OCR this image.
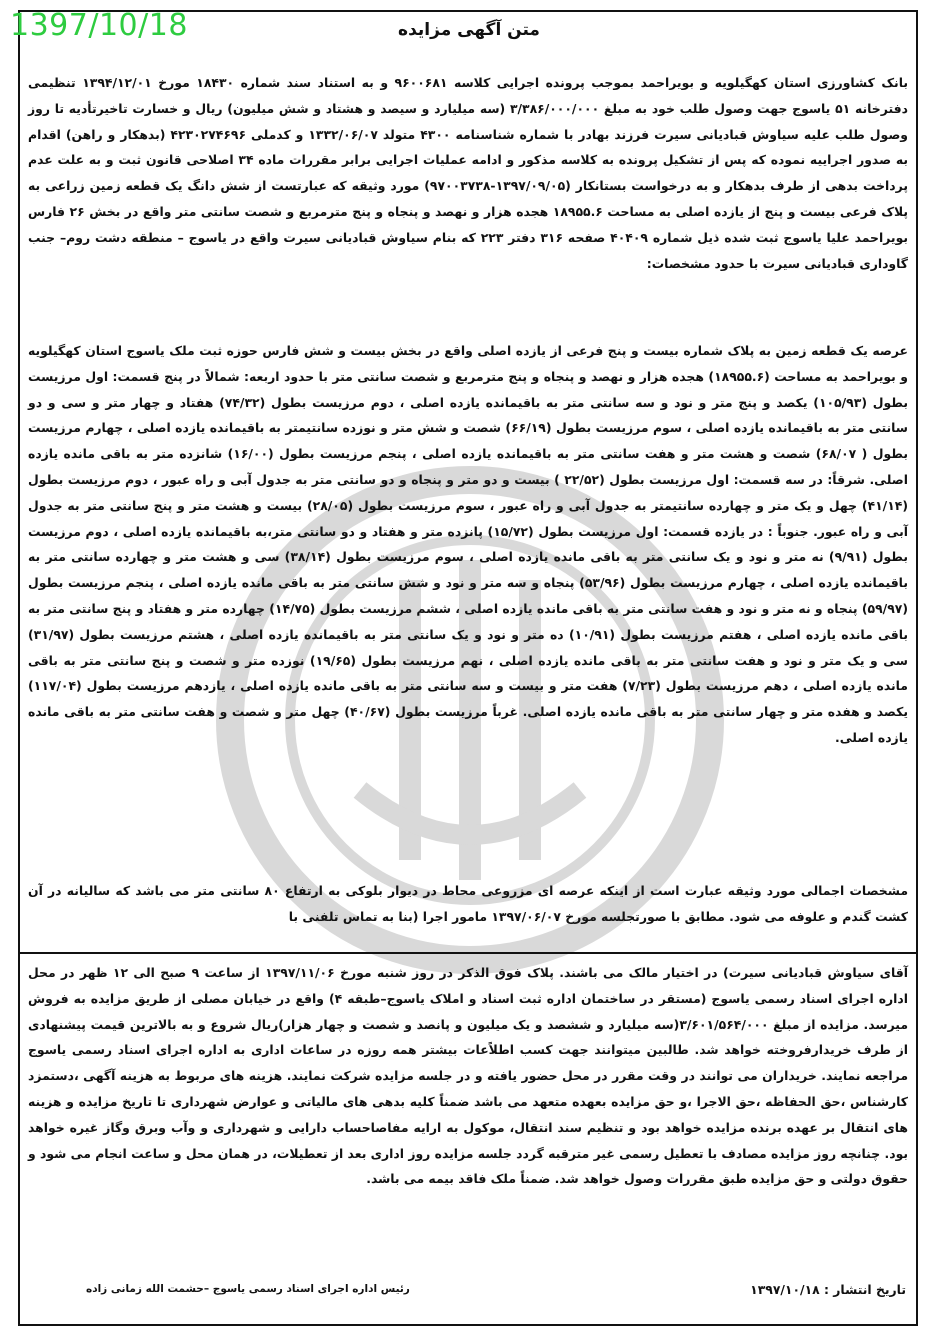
1397/10/18	متن آگهی مزایده

بانک کشاورزی استان کهگیلویه و بویراحمد بموجب پرونده اجرایی کلاسه ۹۶۰۰۶۸۱ و به استناد سند شماره ۱۸۴۳۰ مورخ ۱۳۹۴/۱۲/۰۱ تنظیمی دفترخانه ۵۱ یاسوج جهت وصول طلب خود به مبلغ ۳/۳۸۶/۰۰۰/۰۰۰ (سه میلیارد و سیصد و هشتاد و شش میلیون) ریال و خسارت تاخیرتأدیه تا روز وصول طلب علیه سیاوش قبادیانی سیرت فرزند بهادر با شماره شناسنامه ۴۳۰۰ متولد ۱۳۳۲/۰۶/۰۷ و کدملی ۴۲۳۰۲۷۴۶۹۶ (بدهکار و راهن) اقدام به صدور اجراییه نموده که پس از تشکیل پرونده به کلاسه مذکور و ادامه عملیات اجرایی برابر مقررات ماده ۳۴ اصلاحی قانون ثبت و به علت عدم پرداخت بدهی از طرف بدهکار و به درخواست بستانکار (۱۳۹۷/۰۹/۰۵-۹۷۰۰۳۷۳۸) مورد وثیقه که عبارتست از شش دانگ یک قطعه زمین زراعی به پلاک فرعی بیست و پنج از یازده اصلی به مساحت ۱۸۹۵۵.۶ هجده هزار و نهصد و پنجاه و پنج مترمربع و شصت سانتی متر واقع در بخش ۲۶ فارس بویراحمد علیا یاسوج ثبت شده ذیل شماره ۴۰۴۰۹ صفحه ۳۱۶ دفتر ۲۲۳ که بنام سیاوش قبادیانی سیرت واقع در یاسوج – منطقه دشت روم– جنب گاوداری قبادیانی سیرت با حدود مشخصات:

عرصه یک قطعه زمین به پلاک شماره بیست و پنج فرعی از یازده اصلی واقع در بخش بیست و شش فارس حوزه ثبت ملک یاسوج استان کهگیلویه و بویراحمد به مساحت (۱۸۹۵۵.۶) هجده هزار و نهصد و پنجاه و پنج مترمربع و شصت سانتی متر با حدود اربعه: شمالاً در پنج قسمت: اول مرزیست بطول (۱۰۵/۹۳) یکصد و پنج متر و نود و سه سانتی متر به باقیمانده یازده اصلی ، دوم مرزیست بطول (۷۴/۳۲) هفتاد و چهار متر و سی و دو سانتی متر به باقیمانده یازده اصلی ، سوم مرزیست بطول (۶۶/۱۹) شصت و شش متر و نوزده سانتیمتر به باقیمانده یازده اصلی ، چهارم مرزیست بطول ( ۶۸/۰۷) شصت و هشت متر و هفت سانتی متر به باقیمانده یازده اصلی ، پنجم مرزیست بطول (۱۶/۰۰) شانزده متر به باقی مانده یازده اصلی. شرقاً: در سه قسمت: اول مرزیست بطول (۲۲/۵۲ ) بیست و دو متر و پنجاه و دو سانتی متر به جدول آبی و راه عبور ، دوم مرزیست بطول (۴۱/۱۴) چهل و یک متر و چهارده سانتیمتر به جدول آبی و راه عبور ، سوم مرزیست بطول (۲۸/۰۵) بیست و هشت متر و پنج سانتی متر به جدول آبی و راه عبور. جنوباً : در یازده قسمت: اول مرزیست بطول (۱۵/۷۲) پانزده متر و هفتاد و دو سانتی متر،به باقیمانده یازده اصلی ، دوم مرزیست بطول (۹/۹۱) نه متر و نود و یک سانتی متر به باقی مانده یازده اصلی ، سوم مرزیست بطول (۳۸/۱۴) سی و هشت متر و چهارده سانتی متر به باقیمانده یازده اصلی ، چهارم مرزیست بطول (۵۳/۹۶) پنجاه و سه متر و نود و شش سانتی متر به باقی مانده یازده اصلی ، پنجم مرزیست بطول (۵۹/۹۷) پنجاه و نه متر و نود و هفت سانتی متر به باقی مانده یازده اصلی ، ششم مرزیست بطول (۱۴/۷۵) چهارده متر و هفتاد و پنج سانتی متر به باقی مانده یازده اصلی ، هفتم مرزیست بطول (۱۰/۹۱) ده متر و نود و یک سانتی متر به باقیمانده یازده اصلی ، هشتم مرزیست بطول (۳۱/۹۷) سی و یک متر و نود و هفت سانتی متر به باقی مانده یازده اصلی ، نهم مرزیست بطول (۱۹/۶۵) نوزده متر و شصت و پنج سانتی متر به باقی مانده یازده اصلی ، دهم مرزیست بطول (۷/۲۳) هفت متر و بیست و سه سانتی متر به باقی مانده یازده اصلی ، یازدهم مرزیست بطول (۱۱۷/۰۴) یکصد و هفده متر و چهار سانتی متر به باقی مانده یازده اصلی. غرباً مرزیست بطول (۴۰/۶۷) چهل متر و شصت و هفت سانتی متر به باقی مانده یازده اصلی.

مشخصات اجمالی مورد وثیقه عبارت است از اینکه عرصه ای مزروعی محاط در دیوار بلوکی به ارتفاع ۸۰ سانتی متر می باشد که سالیانه در آن کشت گندم و علوفه می شود. مطابق با صورتجلسه مورخ ۱۳۹۷/۰۶/۰۷ مامور اجرا (بنا به تماس تلفنی با

آقای سیاوش قبادیانی سیرت) در اختیار مالک می باشند. پلاک فوق الذکر در روز شنبه مورخ ۱۳۹۷/۱۱/۰۶ از ساعت ۹ صبح الی ۱۲ ظهر در محل اداره اجرای اسناد رسمی یاسوج (مستقر در ساختمان اداره ثبت اسناد و املاک یاسوج–طبقه ۴) واقع در خیابان مصلی از طریق مزایده به فروش میرسد. مزایده از مبلغ ۳/۶۰۱/۵۶۴/۰۰۰(سه میلیارد و ششصد و یک میلیون و پانصد و شصت و چهار هزار)ریال شروع و به بالاترین قیمت پیشنهادی از طرف خریدارفروخته خواهد شد. طالبین میتوانند جهت کسب اطلاًعات بیشتر همه روزه در ساعات اداری به اداره اجرای اسناد رسمی یاسوج مراجعه نمایند. خریداران می توانند در وقت مقرر در محل حضور یافته و در جلسه مزایده شرکت نمایند. هزینه های مربوط به هزینه آگهی ،دستمزد کارشناس ،حق الحفاظه ،حق الاجرا ،و حق مزایده بعهده متعهد می باشد ضمناً کلیه بدهی های مالیاتی و عوارض شهرداری تا تاریخ مزایده و هزینه های انتقال بر عهده برنده مزایده خواهد بود و تنظیم سند انتقال، موکول به ارایه مفاصاحساب دارایی و شهرداری و وآب وبرق وگاز غیره خواهد بود. چنانچه روز مزایده مصادف با تعطیل رسمی غیر مترقبه گردد جلسه مزایده روز اداری بعد از تعطیلات، در همان محل و ساعت انجام می شود و حقوق دولتی و حق مزایده طبق مقررات وصول خواهد شد. ضمناً ملک فاقد بیمه می باشد.

تاریخ انتشار : ۱۳۹۷/۱۰/۱۸
رئیس اداره اجرای اسناد رسمی یاسوج –حشمت الله زمانی زاده
